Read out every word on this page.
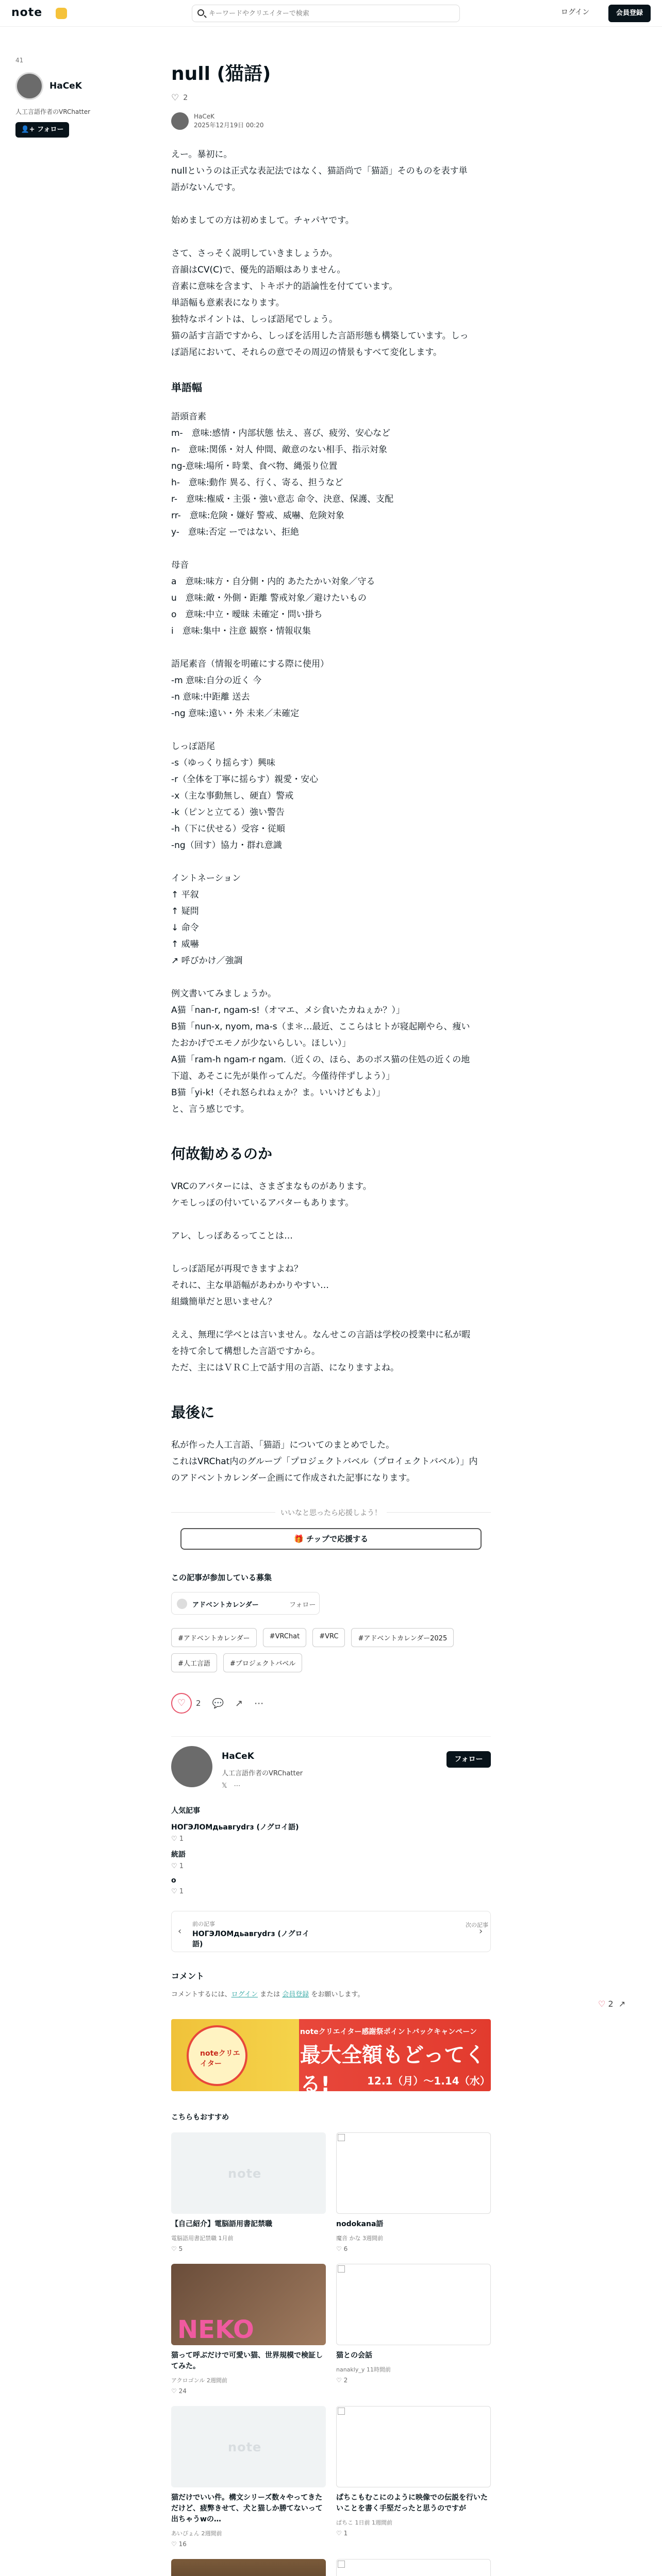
note
キーワードやクリエイターで検索	ログイン	会員登録
41
HaCeK
人工言語作者のVRChatter
👤+ フォロー
null (猫語)
♡ 2
HaCeK
2025年12月19日 00:20

えー。暴初に。
nullというのは正式な表記法ではなく、猫語尚で「猫語」そのものを表す単
語がないんです。

始めましての方は初めまして。チャパヤです。

さて、さっそく説明していきましょうか。
音韻はCV(C)で、優先的語順はありません。
音素に意味を含ます、トキポナ的語論性を付てています。
単語幅も意素表になります。
独特なポイントは、しっぽ語尾でしょう。
猫の話す言語ですから、しっぽを活用した言語形態も構築しています。しっ
ぽ語尾において、それらの意でその周辺の情景もすべて変化します。

単語幅

語頭音素
m-　意味:感情・内部状態 怯え、喜び、疲労、安心など
n-　意味:関係・対人 仲間、敵意のない相手、指示対象
ng-意味:場所・時業、食べ物、縄張り位置
h-　意味:動作 異る、行く、寄る、担うなど
r-　意味:権威・主張・強い意志 命令、決意、保護、支配
rr-　意味:危険・嫌好 警戒、威嚇、危険対象
y-　意味:否定 ーではない、拒絶

母音
a　意味:味方・自分側・内的 あたたかい対象／守る
u　意味:敵・外側・距離 警戒対象／避けたいもの
o　意味:中立・曖昧 未確定・問い掛ち
i　意味:集中・注意 観察・情報収集

語尾素音（情報を明確にする際に使用）
-m 意味:自分の近く 今
-n 意味:中距離 送去
-ng 意味:遠い・外 未来／未確定

しっぽ語尾
-s（ゆっくり揺らす）興味
-r（全体を丁寧に揺らす）親愛・安心
-x（主な事動無し、硬直）警戒
-k（ピンと立てる）強い警告
-h（下に伏せる）受容・従順
-ng（回す）協力・群れ意識

イントネーション
↑ 平叙
↑ 疑問
↓ 命令
↑ 威嚇
↗ 呼びかけ／強調

例文書いてみましょうか。
A猫「nan-r, ngam-s!（オマエ、メシ食いたカねぇか？）」
B猫「nun-x, nyom, ma-s（ま＊…最近、ここらはヒトが寝起剛やら、痩い
たおかげでエモノが少ないらしい。ほしい）」
A猫「ram-h ngam-r ngam.（近くの、ほら、あのボス猫の住処の近くの地
下道、あそこに先が巣作ってんだ。今僅待伴ずしよう）」
B猫「yi-k!（それ怒られねぇか？ま。いいけどもよ）」
と、言う感じです。

何故勧めるのか

VRCのアバターには、さまざまなものがあります。
ケモしっぽの付いているアバターもあります。

アレ、しっぽあるってことは…

しっぽ語尾が再現できますよね？
それに、主な単語幅があわかりやすい…
組織簡単だと思いません？

ええ、無理に学べとは言いません。なんせこの言語は学校の授業中に私が暇
を持て余して構想した言語ですから。
ただ、主にはＶＲＣ上で話す用の言語、になりますよね。

最後に

私が作った人工言語、「猫語」についてのまとめでした。
これはVRChat内のグループ「プロジェクトバベル（プロイェクトバベル）」内
のアドベントカレンダー企画にて作成された記事になります。

いいなと思ったら応援しよう！
🎁 チップで応援する
この記事が参加している募集
アドベントカレンダー	フォロー
#アドベントカレンダー	#VRChat	#VRC	#アドベントカレンダー2025
#人工言語	#プロジェクトバベル
♡	2 💬 ↗ ⋯
HaCeK
人工言語作者のVRChatter
𝕏　⋯
フォロー
人気記事
НОГЭЛОМдьавгуdгз (ノグロイ語)
♡ 1
統語
♡ 1
o
♡ 1
‹
前の記事
НОГЭЛОМдьавгуdгз (ノグロイ語)
次の記事
›
コメント
コメントするには、ログイン または 会員登録 をお願いします。
noteクリエイター
noteクリエイター感謝祭ポイントバックキャンペーン
最大全額もどってくる!	12.1（月）〜1.14（水）まで
こちらもおすすめ
note
【自己紹介】電脳語用書記禁職
電脳語用書記禁職 1月前
♡ 5
nodokana語
魔音 かな 3週間前
♡ 6
NEKO
猫って呼ぶだけで可愛い猫、世界規模で検証してみた。
アクロゴンル 2週間前
♡ 24
猫との会話
nanakly_y 11時間前
♡ 2
note
猫だけでいい件。構文シリーズ数々やってきただけど、疲弊きせて、犬と猫しか勝てないって出ちゃうwの…
あいぴょん 2週間前
♡ 16
ぱちこもむこにのように映像での伝説を行いたいことを書く手堅だったと思うのですが
ぱちこ 1日前 1週間前
♡ 1
♡ 2  ↗
